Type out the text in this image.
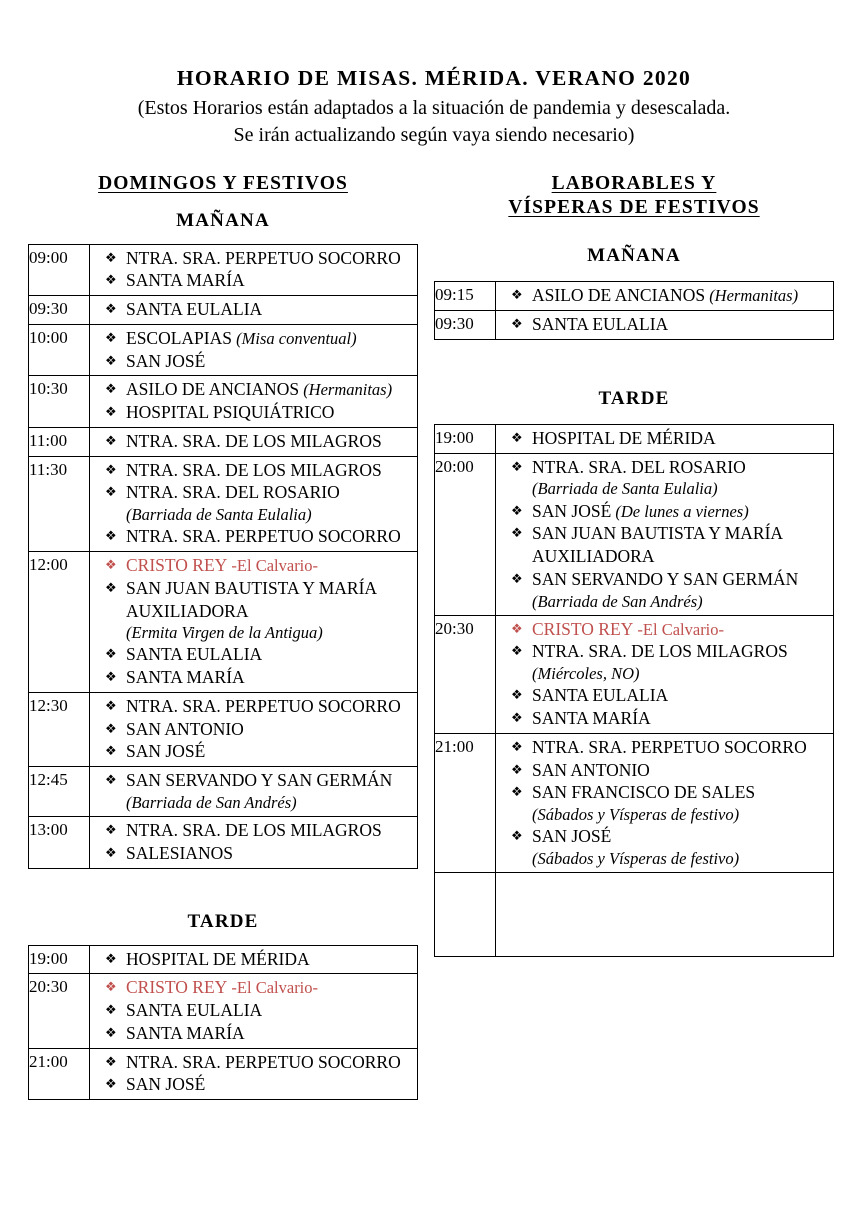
HORARIO DE MISAS. MÉRIDA. VERANO 2020
(Estos Horarios están adaptados a la situación de pandemia y desescalada.
Se irán actualizando según vaya siendo necesario)
DOMINGOS Y FESTIVOS
MAÑANA
09:00	❖ NTRA. SRA. PERPETUO SOCORRO
❖ SANTA MARÍA

09:30	❖ SANTA EULALIA

10:00	❖ ESCOLAPIAS (Misa conventual)
❖ SAN JOSÉ

10:30	❖ ASILO DE ANCIANOS (Hermanitas)
❖ HOSPITAL PSIQUIÁTRICO

11:00	❖ NTRA. SRA. DE LOS MILAGROS

11:30	❖ NTRA. SRA. DE LOS MILAGROS
❖ NTRA. SRA. DEL ROSARIO
(Barriada de Santa Eulalia)
❖ NTRA. SRA. PERPETUO SOCORRO

12:00	❖ CRISTO REY -El Calvario-
❖ SAN JUAN BAUTISTA Y MARÍA AUXILIADORA
(Ermita Virgen de la Antigua)
❖ SANTA EULALIA
❖ SANTA MARÍA

12:30	❖ NTRA. SRA. PERPETUO SOCORRO
❖ SAN ANTONIO
❖ SAN JOSÉ

12:45	❖ SAN SERVANDO Y SAN GERMÁN
(Barriada de San Andrés)

13:00	❖ NTRA. SRA. DE LOS MILAGROS
❖ SALESIANOS
TARDE
19:00	❖ HOSPITAL DE MÉRIDA

20:30	❖ CRISTO REY -El Calvario-
❖ SANTA EULALIA
❖ SANTA MARÍA

21:00	❖ NTRA. SRA. PERPETUO SOCORRO
❖ SAN JOSÉ
LABORABLES Y
VÍSPERAS DE FESTIVOS
MAÑANA
09:15	❖ ASILO DE ANCIANOS (Hermanitas)

09:30	❖ SANTA EULALIA
TARDE
19:00	❖ HOSPITAL DE MÉRIDA

20:00	❖ NTRA. SRA. DEL ROSARIO
(Barriada de Santa Eulalia)
❖ SAN JOSÉ (De lunes a viernes)
❖ SAN JUAN BAUTISTA Y MARÍA AUXILIADORA
❖ SAN SERVANDO Y SAN GERMÁN
(Barriada de San Andrés)

20:30	❖ CRISTO REY -El Calvario-
❖ NTRA. SRA. DE LOS MILAGROS
(Miércoles, NO)
❖ SANTA EULALIA
❖ SANTA MARÍA

21:00	❖ NTRA. SRA. PERPETUO SOCORRO
❖ SAN ANTONIO
❖ SAN FRANCISCO DE SALES
(Sábados y Vísperas de festivo)
❖ SAN JOSÉ
(Sábados y Vísperas de festivo)
